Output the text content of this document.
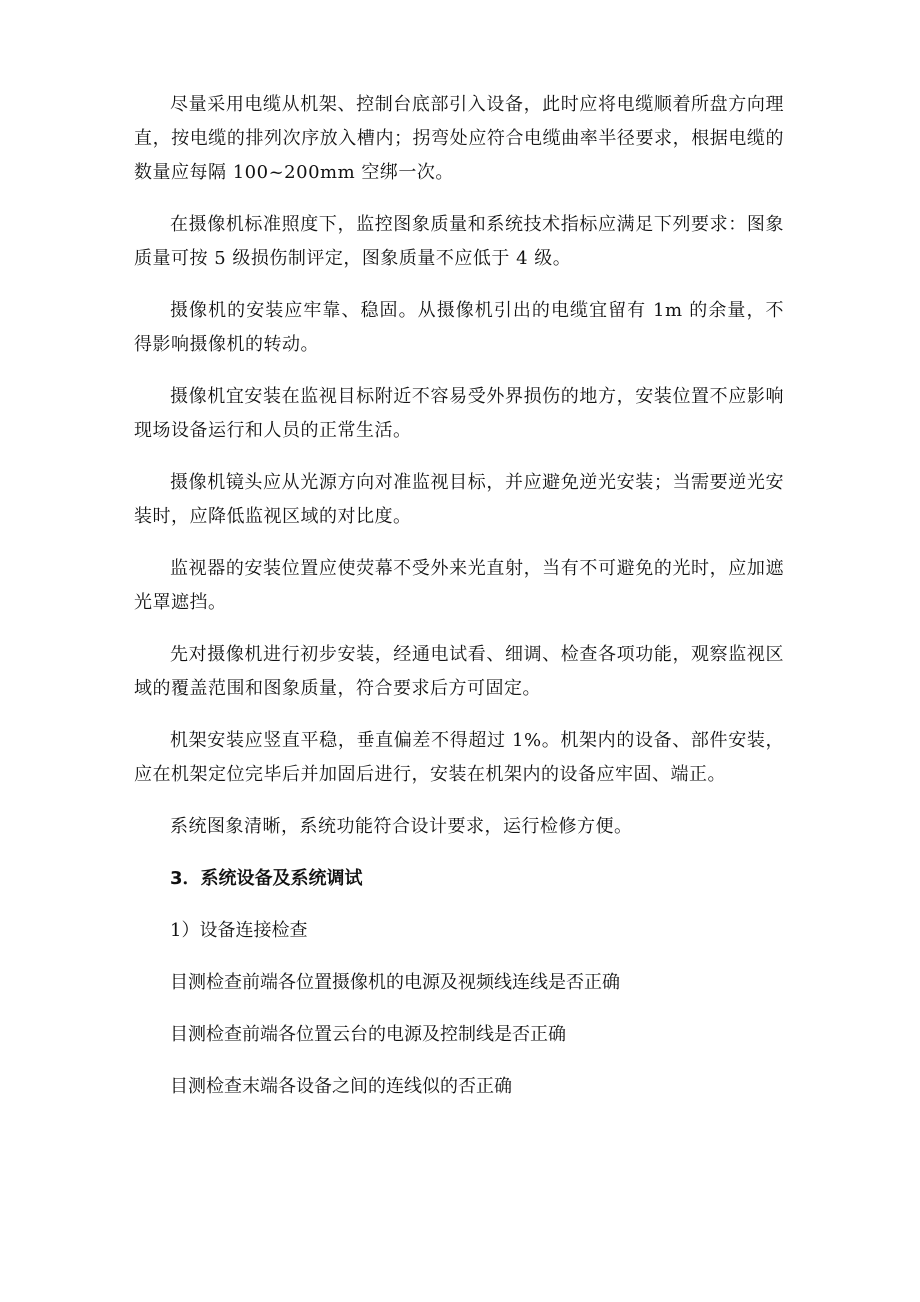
尽量采用电缆从机架、控制台底部引入设备，此时应将电缆顺着所盘方向理直，按电缆的排列次序放入槽内；拐弯处应符合电缆曲率半径要求，根据电缆的数量应每隔 100~200mm 空绑一次。

在摄像机标准照度下，监控图象质量和系统技术指标应满足下列要求：图象质量可按 5 级损伤制评定，图象质量不应低于 4 级。

摄像机的安装应牢靠、稳固。从摄像机引出的电缆宜留有 1m 的余量，不得影响摄像机的转动。

摄像机宜安装在监视目标附近不容易受外界损伤的地方，安装位置不应影响现场设备运行和人员的正常生活。

摄像机镜头应从光源方向对准监视目标，并应避免逆光安装；当需要逆光安装时，应降低监视区域的对比度。

监视器的安装位置应使荧幕不受外来光直射，当有不可避免的光时，应加遮光罩遮挡。

先对摄像机进行初步安装，经通电试看、细调、检查各项功能，观察监视区域的覆盖范围和图象质量，符合要求后方可固定。

机架安装应竖直平稳，垂直偏差不得超过 1%。机架内的设备、部件安装，应在机架定位完毕后并加固后进行，安装在机架内的设备应牢固、端正。

系统图象清晰，系统功能符合设计要求，运行检修方便。

3．系统设备及系统调试

1）设备连接检查

目测检查前端各位置摄像机的电源及视频线连线是否正确

目测检查前端各位置云台的电源及控制线是否正确

目测检查末端各设备之间的连线似的否正确
